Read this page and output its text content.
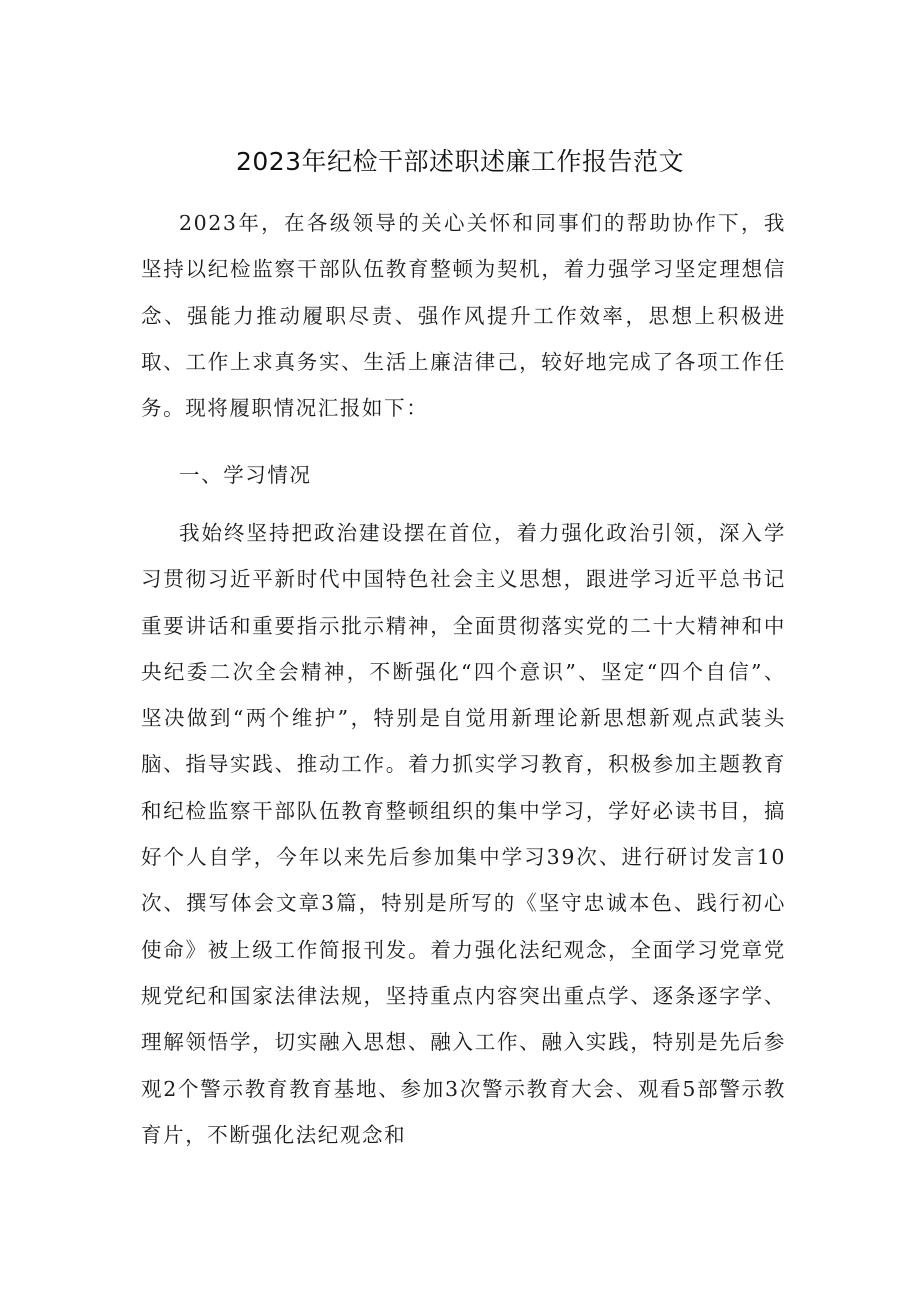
2023年纪检干部述职述廉工作报告范文

2023年，在各级领导的关心关怀和同事们的帮助协作下，我坚持以纪检监察干部队伍教育整顿为契机，着力强学习坚定理想信念、强能力推动履职尽责、强作风提升工作效率，思想上积极进取、工作上求真务实、生活上廉洁律己，较好地完成了各项工作任务。现将履职情况汇报如下：

一、学习情况

我始终坚持把政治建设摆在首位，着力强化政治引领，深入学习贯彻习近平新时代中国特色社会主义思想，跟进学习近平总书记重要讲话和重要指示批示精神，全面贯彻落实党的二十大精神和中央纪委二次全会精神，不断强化“四个意识”、坚定“四个自信”、坚决做到“两个维护”，特别是自觉用新理论新思想新观点武装头脑、指导实践、推动工作。着力抓实学习教育，积极参加主题教育和纪检监察干部队伍教育整顿组织的集中学习，学好必读书目，搞好个人自学，今年以来先后参加集中学习39次、进行研讨发言10次、撰写体会文章3篇，特别是所写的《坚守忠诚本色、践行初心使命》被上级工作简报刊发。着力强化法纪观念，全面学习党章党规党纪和国家法律法规，坚持重点内容突出重点学、逐条逐字学、理解领悟学，切实融入思想、融入工作、融入实践，特别是先后参观2个警示教育教育基地、参加3次警示教育大会、观看5部警示教育片，不断强化法纪观念和
